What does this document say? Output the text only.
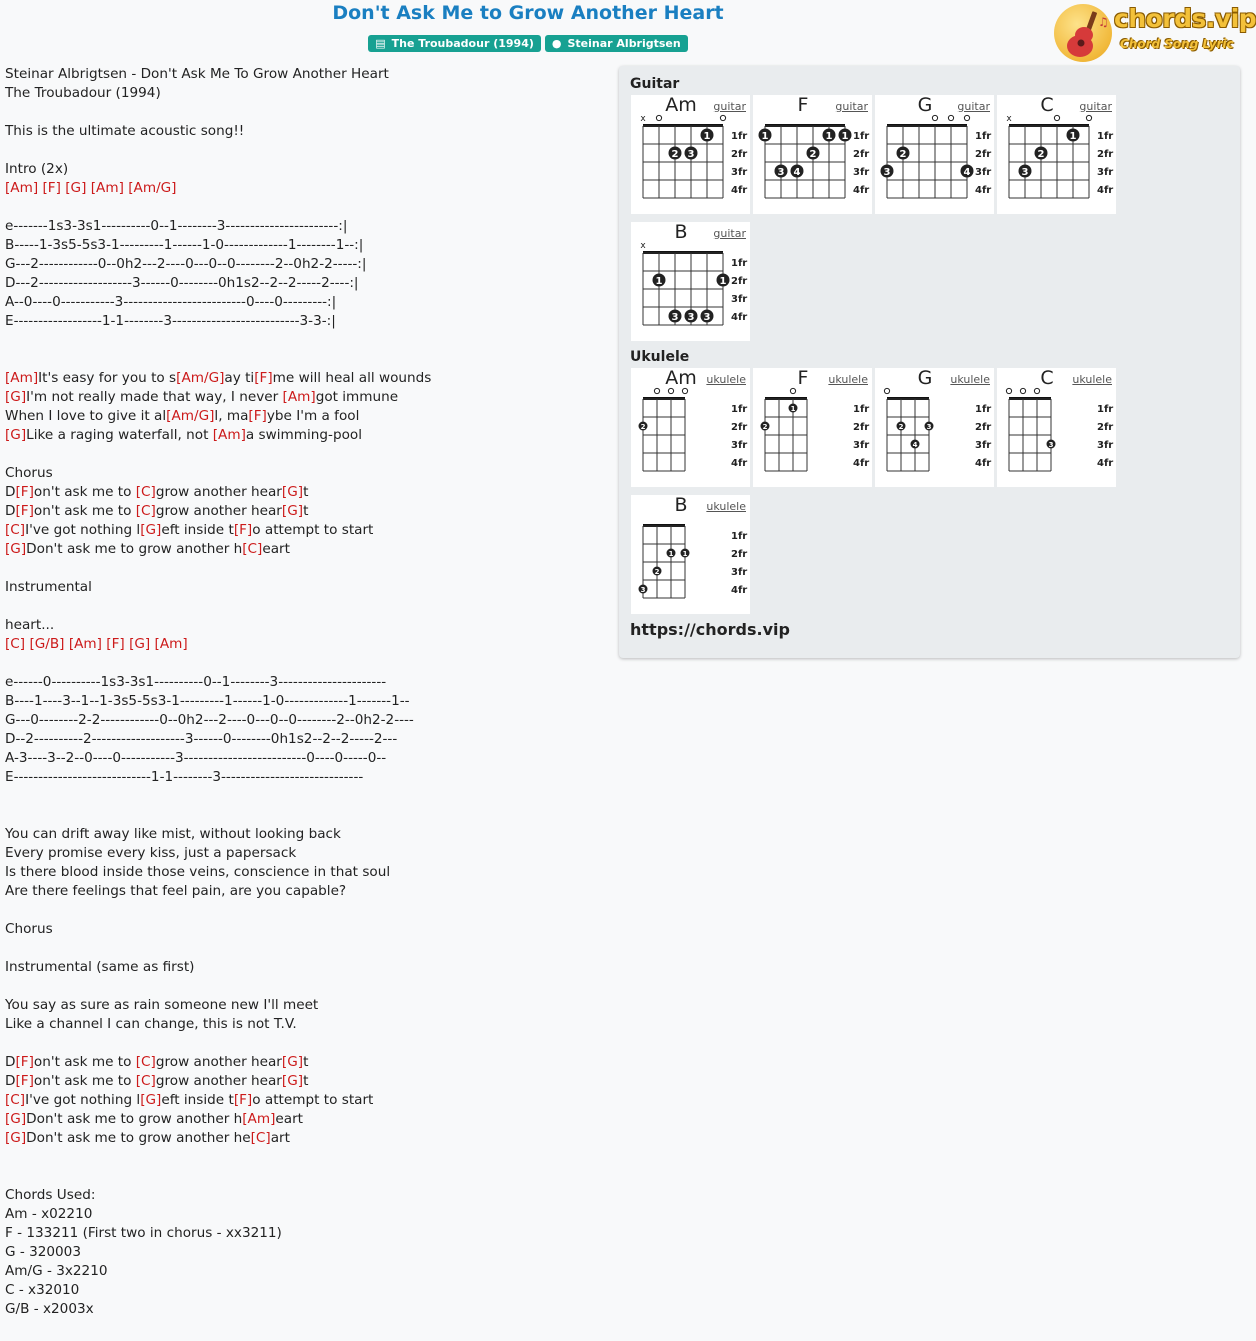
Don't Ask Me to Grow Another Heart
▤ The Troubadour (1994) ● Steinar Albrigtsen
♫ chords.vip
Chord Song Lyric
Steinar Albrigtsen - Don't Ask Me To Grow Another Heart
The Troubadour (1994)
This is the ultimate acoustic song!!
Intro (2x)
[Am] [F] [G] [Am] [Am/G]
e-------1s3-3s1----------0--1--------3-----------------------:|
B-----1-3s5-5s3-1---------1------1-0-------------1--------1--:|
G---2------------0--0h2---2----0---0--0--------2--0h2-2-----:|
D---2-------------------3------0--------0h1s2--2--2-----2----:|
A--0----0-----------3-------------------------0----0---------:|
E------------------1-1--------3--------------------------3-3-:|
[Am]It's easy for you to s[Am/G]ay ti[F]me will heal all wounds
[G]I'm not really made that way, I never [Am]got immune
When I love to give it al[Am/G]l, ma[F]ybe I'm a fool
[G]Like a raging waterfall, not [Am]a swimming-pool
Chorus
D[F]on't ask me to [C]grow another hear[G]t
D[F]on't ask me to [C]grow another hear[G]t
[C]I've got nothing l[G]eft inside t[F]o attempt to start
[G]Don't ask me to grow another h[C]eart
Instrumental
heart...
[C] [G/B] [Am] [F] [G] [Am]
e------0----------1s3-3s1----------0--1--------3----------------------
B----1----3--1--1-3s5-5s3-1---------1------1-0-------------1-------1--
G---0--------2-2------------0--0h2---2----0---0--0--------2--0h2-2----
D--2----------2-------------------3------0--------0h1s2--2--2-----2---
A-3----3--2--0----0-----------3-------------------------0----0-----0--
E----------------------------1-1--------3-----------------------------
You can drift away like mist, without looking back
Every promise every kiss, just a papersack
Is there blood inside those veins, conscience in that soul
Are there feelings that feel pain, are you capable?
Chorus
Instrumental (same as first)
You say as sure as rain someone new I'll meet
Like a channel I can change, this is not T.V.
D[F]on't ask me to [C]grow another hear[G]t
D[F]on't ask me to [C]grow another hear[G]t
[C]I've got nothing l[G]eft inside t[F]o attempt to start
[G]Don't ask me to grow another h[Am]eart
[G]Don't ask me to grow another he[C]art
Chords Used:
Am - x02210
F - 133211 (First two in chorus - xx3211)
G - 320003
Am/G - 3x2210
C - x32010
G/B - x2003x
Guitar
Am	guitar
x
1
2 3
1fr
2fr
3fr
4fr
F	guitar
1	1 1
2
3 4
1fr
2fr
3fr
4fr
G	guitar
2
3	4
1fr
2fr
3fr
4fr
C	guitar
x
1
2
3
1fr
2fr
3fr
4fr
B	guitar
x
1	1
3 3 3
1fr
2fr
3fr
4fr
Ukulele
Am ukulele
2
1fr
2fr
3fr
4fr
F	ukulele
1
2
1fr
2fr
3fr
4fr
G	ukulele
2	3
4
1fr
2fr
3fr
4fr
C	ukulele
3
1fr
2fr
3fr
4fr
B	ukulele
1 1
2
3
1fr
2fr
3fr
4fr
https://chords.vip
